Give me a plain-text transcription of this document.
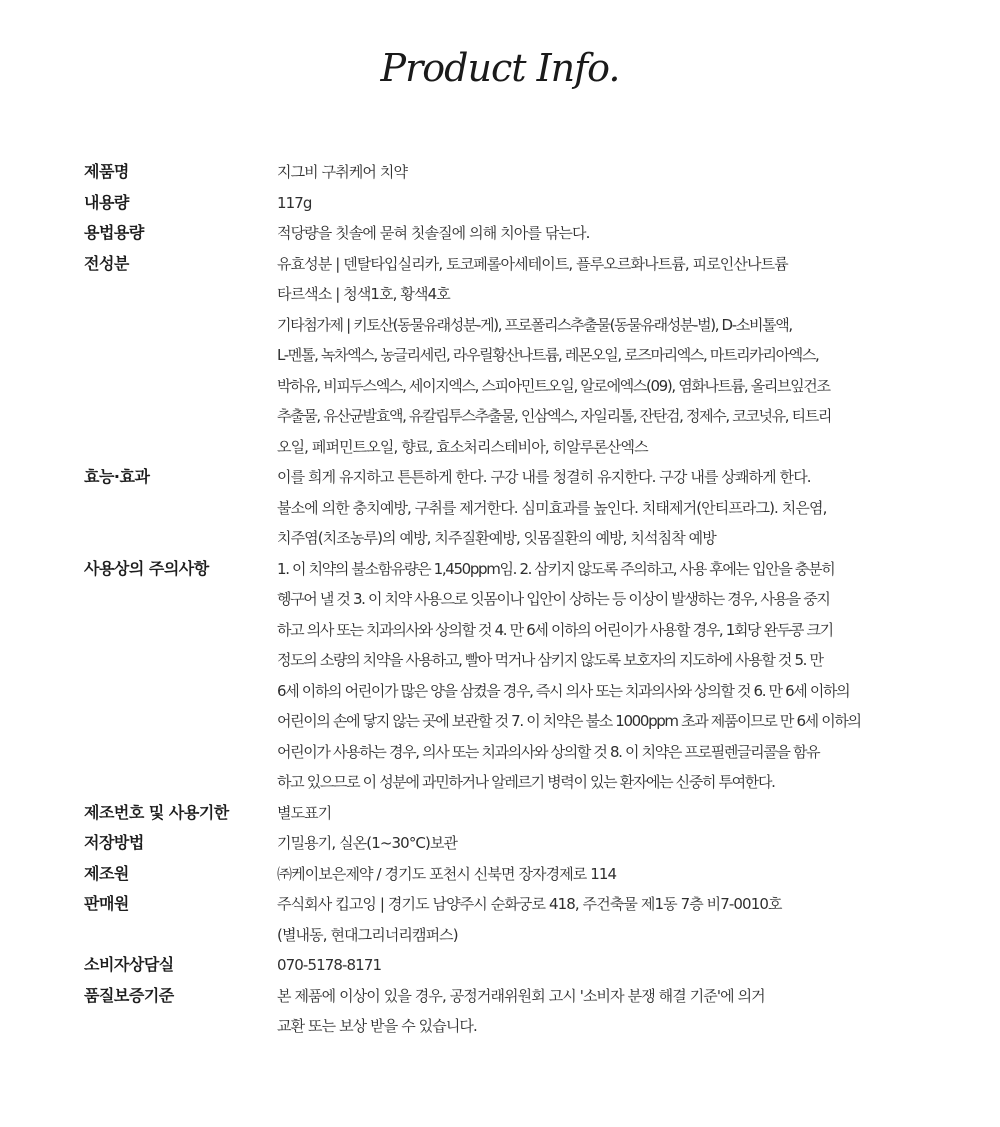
Product Info.
제품명	지그비 구취케어 치약
내용량	117g
용법용량	적당량을 칫솔에 묻혀 칫솔질에 의해 치아를 닦는다.
전성분	유효성분 | 덴탈타입실리카, 토코페롤아세테이트, 플루오르화나트륨, 피로인산나트륨
타르색소 | 청색1호, 황색4호
기타첨가제 | 키토산(동물유래성분-게), 프로폴리스추출물(동물유래성분-벌), D-소비톨액,
L-멘톨, 녹차엑스, 농글리세린, 라우릴황산나트륨, 레몬오일, 로즈마리엑스, 마트리카리아엑스,
박하유, 비피두스엑스, 세이지엑스, 스피아민트오일, 알로에엑스(09), 염화나트륨, 올리브잎건조
추출물, 유산균발효액, 유칼립투스추출물, 인삼엑스, 자일리톨, 잔탄검, 정제수, 코코넛유, 티트리
오일, 페퍼민트오일, 향료, 효소처리스테비아, 히알루론산엑스
효능·효과	이를 희게 유지하고 튼튼하게 한다. 구강 내를 청결히 유지한다. 구강 내를 상쾌하게 한다.
불소에 의한 충치예방, 구취를 제거한다. 심미효과를 높인다. 치태제거(안티프라그). 치은염,
치주염(치조농루)의 예방, 치주질환예방, 잇몸질환의 예방, 치석침착 예방
사용상의 주의사항	1. 이 치약의 불소함유량은 1,450ppm임. 2. 삼키지 않도록 주의하고, 사용 후에는 입안을 충분히
헹구어 낼 것 3. 이 치약 사용으로 잇몸이나 입안이 상하는 등 이상이 발생하는 경우, 사용을 중지
하고 의사 또는 치과의사와 상의할 것 4. 만 6세 이하의 어린이가 사용할 경우, 1회당 완두콩 크기
정도의 소량의 치약을 사용하고, 빨아 먹거나 삼키지 않도록 보호자의 지도하에 사용할 것 5. 만
6세 이하의 어린이가 많은 양을 삼켰을 경우, 즉시 의사 또는 치과의사와 상의할 것 6. 만 6세 이하의
어린이의 손에 닿지 않는 곳에 보관할 것 7. 이 치약은 불소 1000ppm 초과 제품이므로 만 6세 이하의
어린이가 사용하는 경우, 의사 또는 치과의사와 상의할 것 8. 이 치약은 프로필렌글리콜을 함유
하고 있으므로 이 성분에 과민하거나 알레르기 병력이 있는 환자에는 신중히 투여한다.
제조번호 및 사용기한	별도표기
저장방법	기밀용기, 실온(1~30°C)보관
제조원	㈜케이보은제약 / 경기도 포천시 신북면 장자경제로 114
판매원	주식회사 킵고잉 | 경기도 남양주시 순화궁로 418, 주건축물 제1동 7층 비7-0010호
(별내동, 현대그리너리캠퍼스)
소비자상담실	070-5178-8171
품질보증기준	본 제품에 이상이 있을 경우, 공정거래위원회 고시 '소비자 분쟁 해결 기준'에 의거
교환 또는 보상 받을 수 있습니다.
